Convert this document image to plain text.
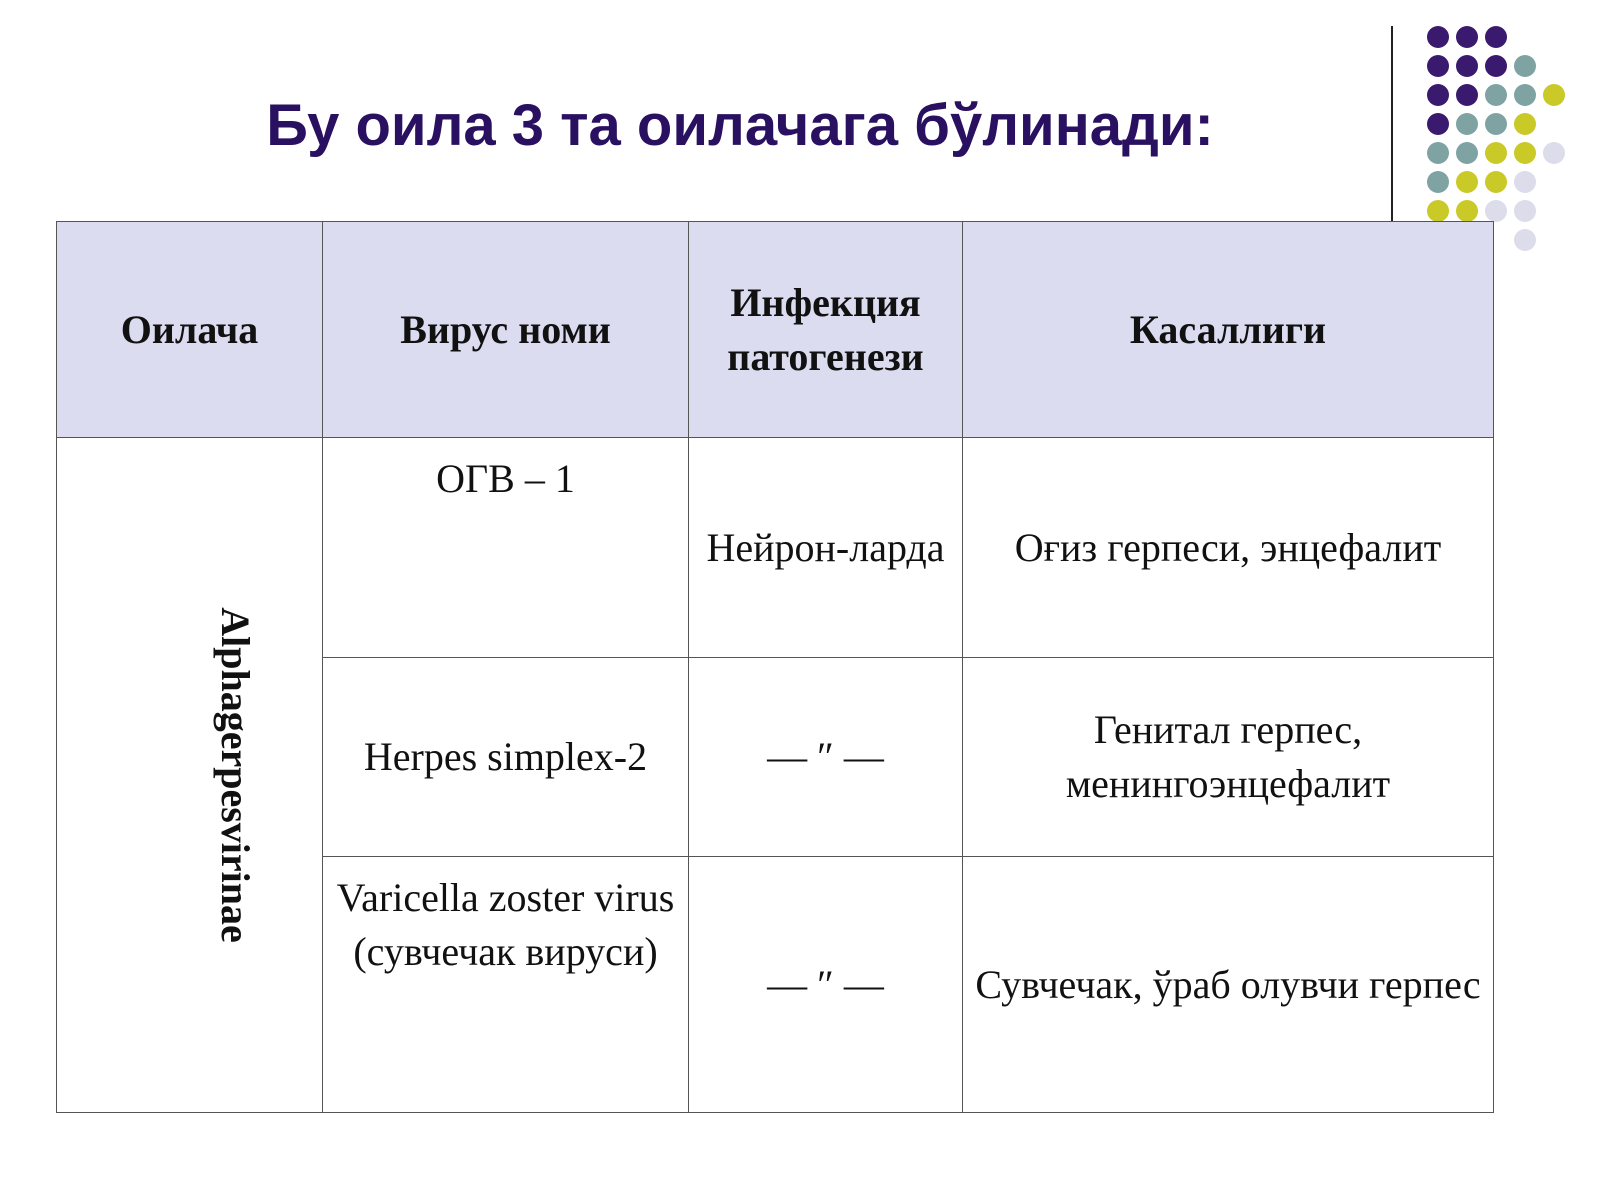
Бу оила 3 та оилачага бўлинади:
Оилача	Вирус номи	Инфекция патогенези	Касаллиги
Alphagerpesvirinae	ОГВ – 1	Нейрон-ларда	Оғиз герпеси, энцефалит
	Herpes simplex-2	— ″ —	Генитал герпес, менингоэнцефалит
	Varicella zoster virus (сувчечак вируси)	— ″ —	Сувчечак, ўраб олувчи герпес
